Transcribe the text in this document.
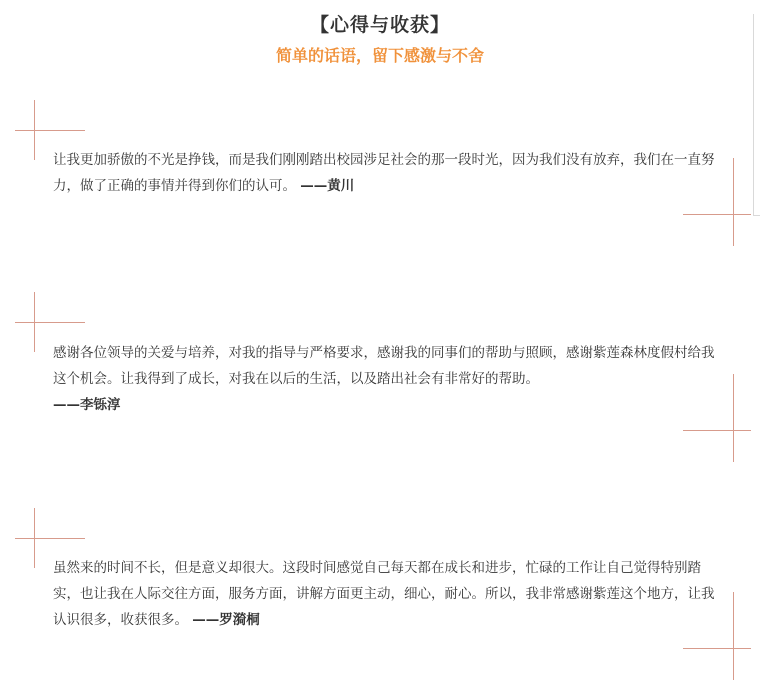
【心得与收获】
简单的话语，留下感激与不舍
让我更加骄傲的不光是挣钱，而是我们刚刚踏出校园涉足社会的那一段时光，因为我们没有放弃，我们在一直努力，做了正确的事情并得到你们的认可。 ——黄川
感谢各位领导的关爱与培养，对我的指导与严格要求，感谢我的同事们的帮助与照顾，感谢紫莲森林度假村给我这个机会。让我得到了成长，对我在以后的生活，以及踏出社会有非常好的帮助。
——李铄淳
虽然来的时间不长，但是意义却很大。这段时间感觉自己每天都在成长和进步，忙碌的工作让自己觉得特别踏实，也让我在人际交往方面，服务方面，讲解方面更主动，细心，耐心。所以，我非常感谢紫莲这个地方，让我认识很多，收获很多。 ——罗漪桐
